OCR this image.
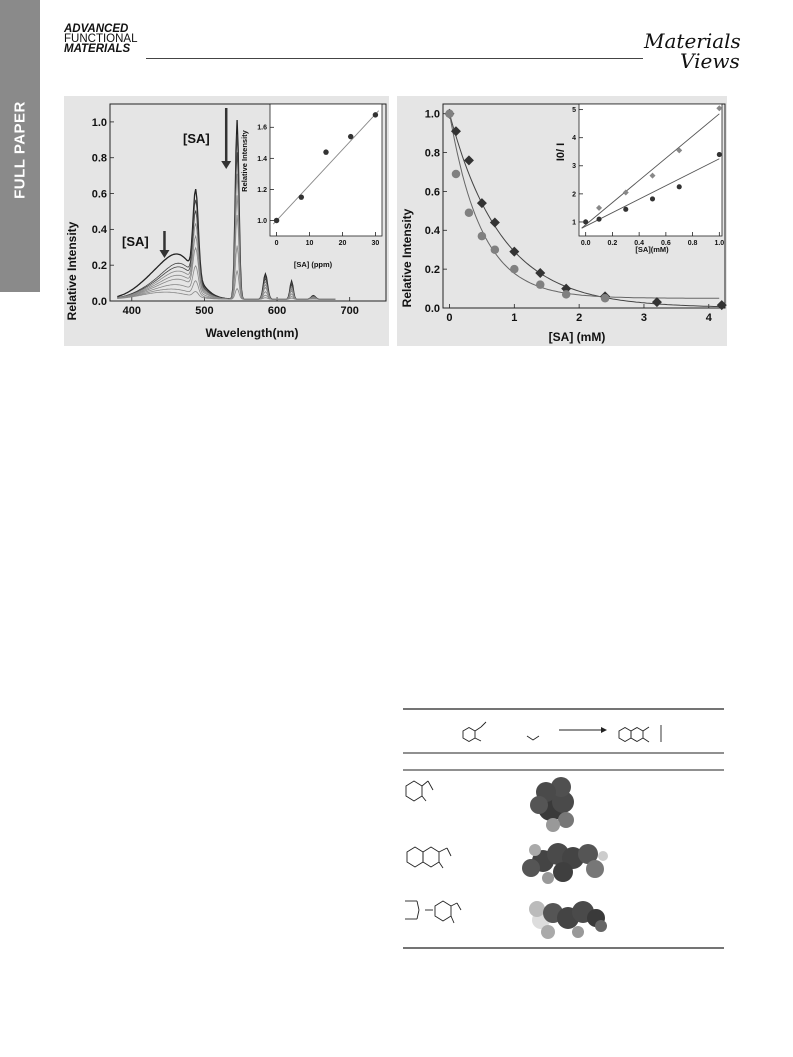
FULL PAPER
ADVANCED
FUNCTIONAL
MATERIALS	Materials
Views
400	500	600	700
0.0
0.2
0.4
0.6
0.8
1.0
Relative Intensity
Wavelength(nm)
[SA]
[SA]
0	10	20	30
1.0
1.2
1.4
1.6
[SA] (ppm)
Relative Intensity
0	1	2	3	4
0.0
0.2
0.4
0.6
0.8
1.0
Relative Intensity
[SA] (mM)
0.0 0.2 0.4 0.6 0.8 1.0
1
2
3
4
5
[SA](mM)
I0/ I
